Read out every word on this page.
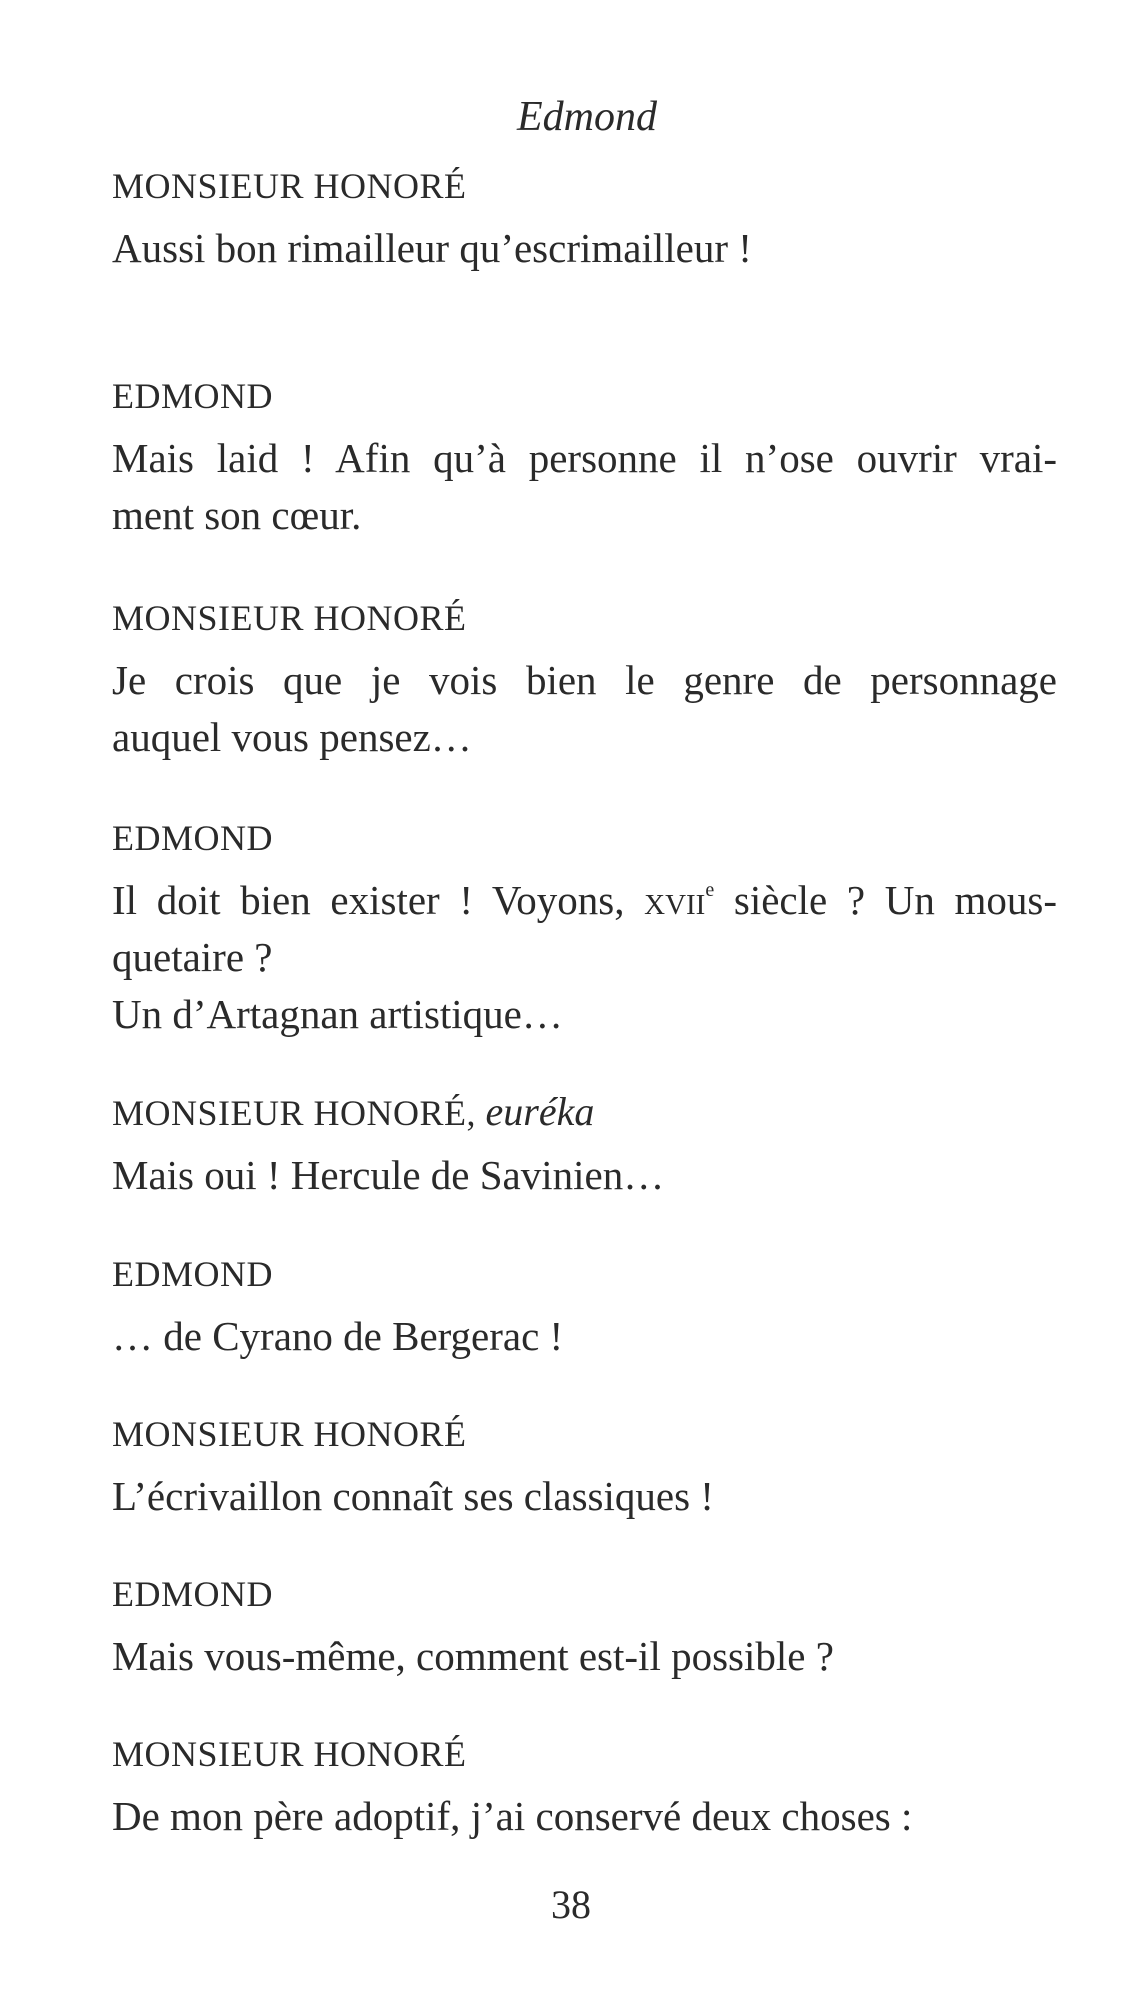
Edmond
MONSIEUR HONORÉ
Aussi bon rimailleur qu’escrimailleur !
EDMOND
Mais laid ! Afin qu’à personne il n’ose ouvrir vrai-
ment son cœur.
MONSIEUR HONORÉ
Je crois que je vois bien le genre de personnage
auquel vous pensez…
EDMOND
Il doit bien exister ! Voyons, xvii$^e$ siècle ? Un mous-
quetaire ?
Un d’Artagnan artistique…
MONSIEUR HONORÉ, euréka
Mais oui ! Hercule de Savinien…
EDMOND
… de Cyrano de Bergerac !
MONSIEUR HONORÉ
L’écrivaillon connaît ses classiques !
EDMOND
Mais vous-même, comment est-il possible ?
MONSIEUR HONORÉ
De mon père adoptif, j’ai conservé deux choses :
38
